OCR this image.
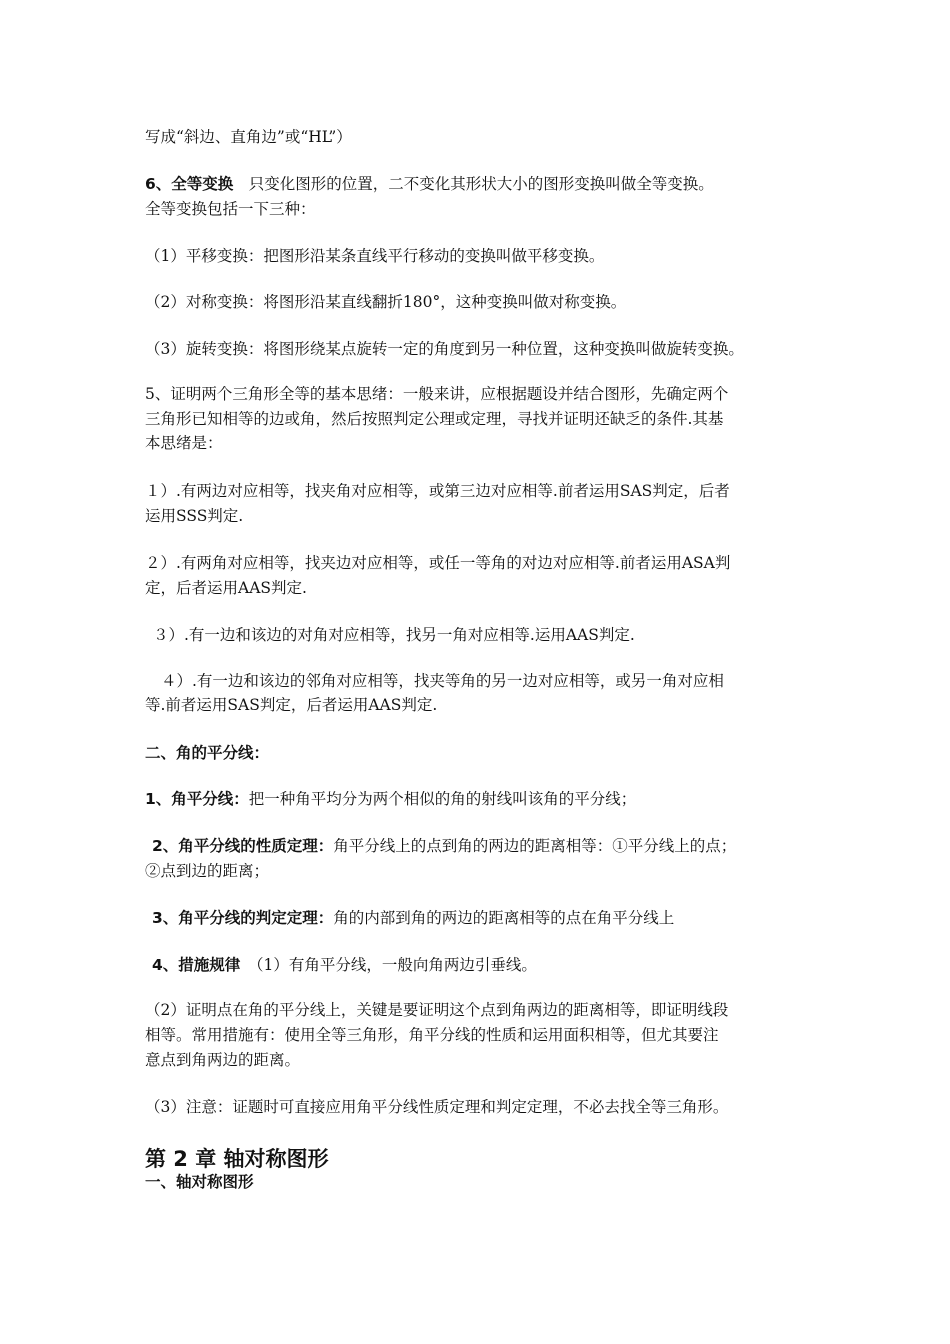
写成“斜边、直角边”或“HL”）
6、全等变换　只变化图形的位置，二不变化其形状大小的图形变换叫做全等变换。
全等变换包括一下三种：
（1）平移变换：把图形沿某条直线平行移动的变换叫做平移变换。
（2）对称变换：将图形沿某直线翻折180°，这种变换叫做对称变换。
（3）旋转变换：将图形绕某点旋转一定的角度到另一种位置，这种变换叫做旋转变换。
5、证明两个三角形全等的基本思绪：一般来讲，应根据题设并结合图形，先确定两个
三角形已知相等的边或角，然后按照判定公理或定理，寻找并证明还缺乏的条件.其基
本思绪是：
１）.有两边对应相等，找夹角对应相等，或第三边对应相等.前者运用SAS判定，后者
运用SSS判定.
２）.有两角对应相等，找夹边对应相等，或任一等角的对边对应相等.前者运用ASA判
定，后者运用AAS判定.
３）.有一边和该边的对角对应相等，找另一角对应相等.运用AAS判定.
４）.有一边和该边的邻角对应相等，找夹等角的另一边对应相等，或另一角对应相
等.前者运用SAS判定，后者运用AAS判定.
二、角的平分线：
1、角平分线：把一种角平均分为两个相似的角的射线叫该角的平分线；
2、角平分线的性质定理：角平分线上的点到角的两边的距离相等：①平分线上的点；
②点到边的距离；
3、角平分线的判定定理：角的内部到角的两边的距离相等的点在角平分线上
4、措施规律　（1）有角平分线，一般向角两边引垂线。
（2）证明点在角的平分线上，关键是要证明这个点到角两边的距离相等，即证明线段
相等。常用措施有：使用全等三角形，角平分线的性质和运用面积相等，但尤其要注
意点到角两边的距离。
（3）注意：证题时可直接应用角平分线性质定理和判定定理，不必去找全等三角形。
第 2 章 轴对称图形
一、轴对称图形
